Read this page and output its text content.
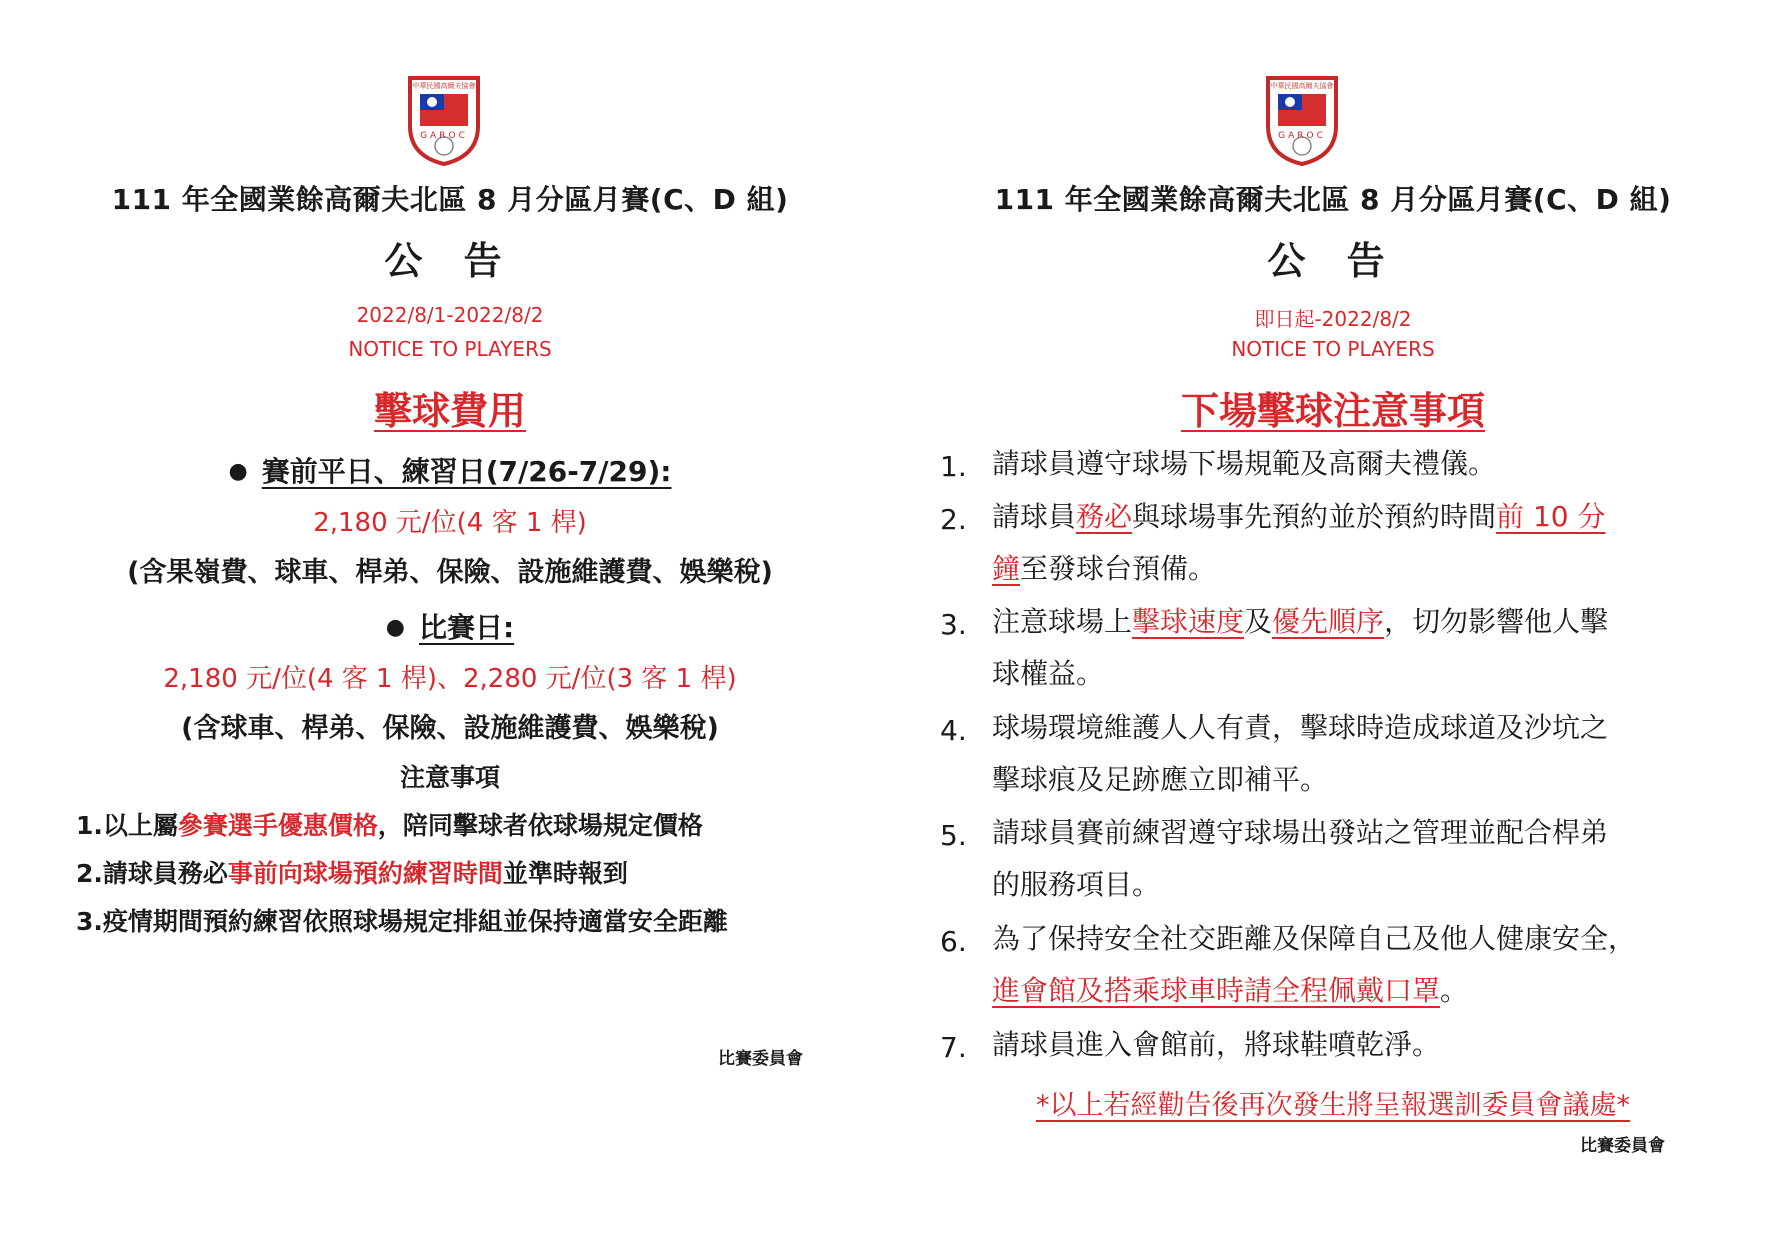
中華民國高爾夫協會
GAROC
111 年全國業餘高爾夫北區 8 月分區月賽(C、D 組)
公 告
2022/8/1-2022/8/2
NOTICE TO PLAYERS
擊球費用
● 賽前平日、練習日(7/26-7/29):
2,180 元/位(4 客 1 桿)
(含果嶺費、球車、桿弟、保險、設施維護費、娛樂稅)
● 比賽日:
2,180 元/位(4 客 1 桿)、2,280 元/位(3 客 1 桿)
(含球車、桿弟、保險、設施維護費、娛樂稅)
注意事項
1.以上屬參賽選手優惠價格，陪同擊球者依球場規定價格
2.請球員務必事前向球場預約練習時間並準時報到
3.疫情期間預約練習依照球場規定排組並保持適當安全距離
比賽委員會
中華民國高爾夫協會
GAROC
111 年全國業餘高爾夫北區 8 月分區月賽(C、D 組)
公 告
即日起-2022/8/2
NOTICE TO PLAYERS
下場擊球注意事項
1. 請球員遵守球場下場規範及高爾夫禮儀。
2. 請球員務必與球場事先預約並於預約時間前 10 分
鐘至發球台預備。
3. 注意球場上擊球速度及優先順序，切勿影響他人擊
球權益。
4. 球場環境維護人人有責，擊球時造成球道及沙坑之
擊球痕及足跡應立即補平。
5. 請球員賽前練習遵守球場出發站之管理並配合桿弟
的服務項目。
6. 為了保持安全社交距離及保障自己及他人健康安全，
進會館及搭乘球車時請全程佩戴口罩。
7. 請球員進入會館前，將球鞋噴乾淨。
*以上若經勸告後再次發生將呈報選訓委員會議處*
比賽委員會
